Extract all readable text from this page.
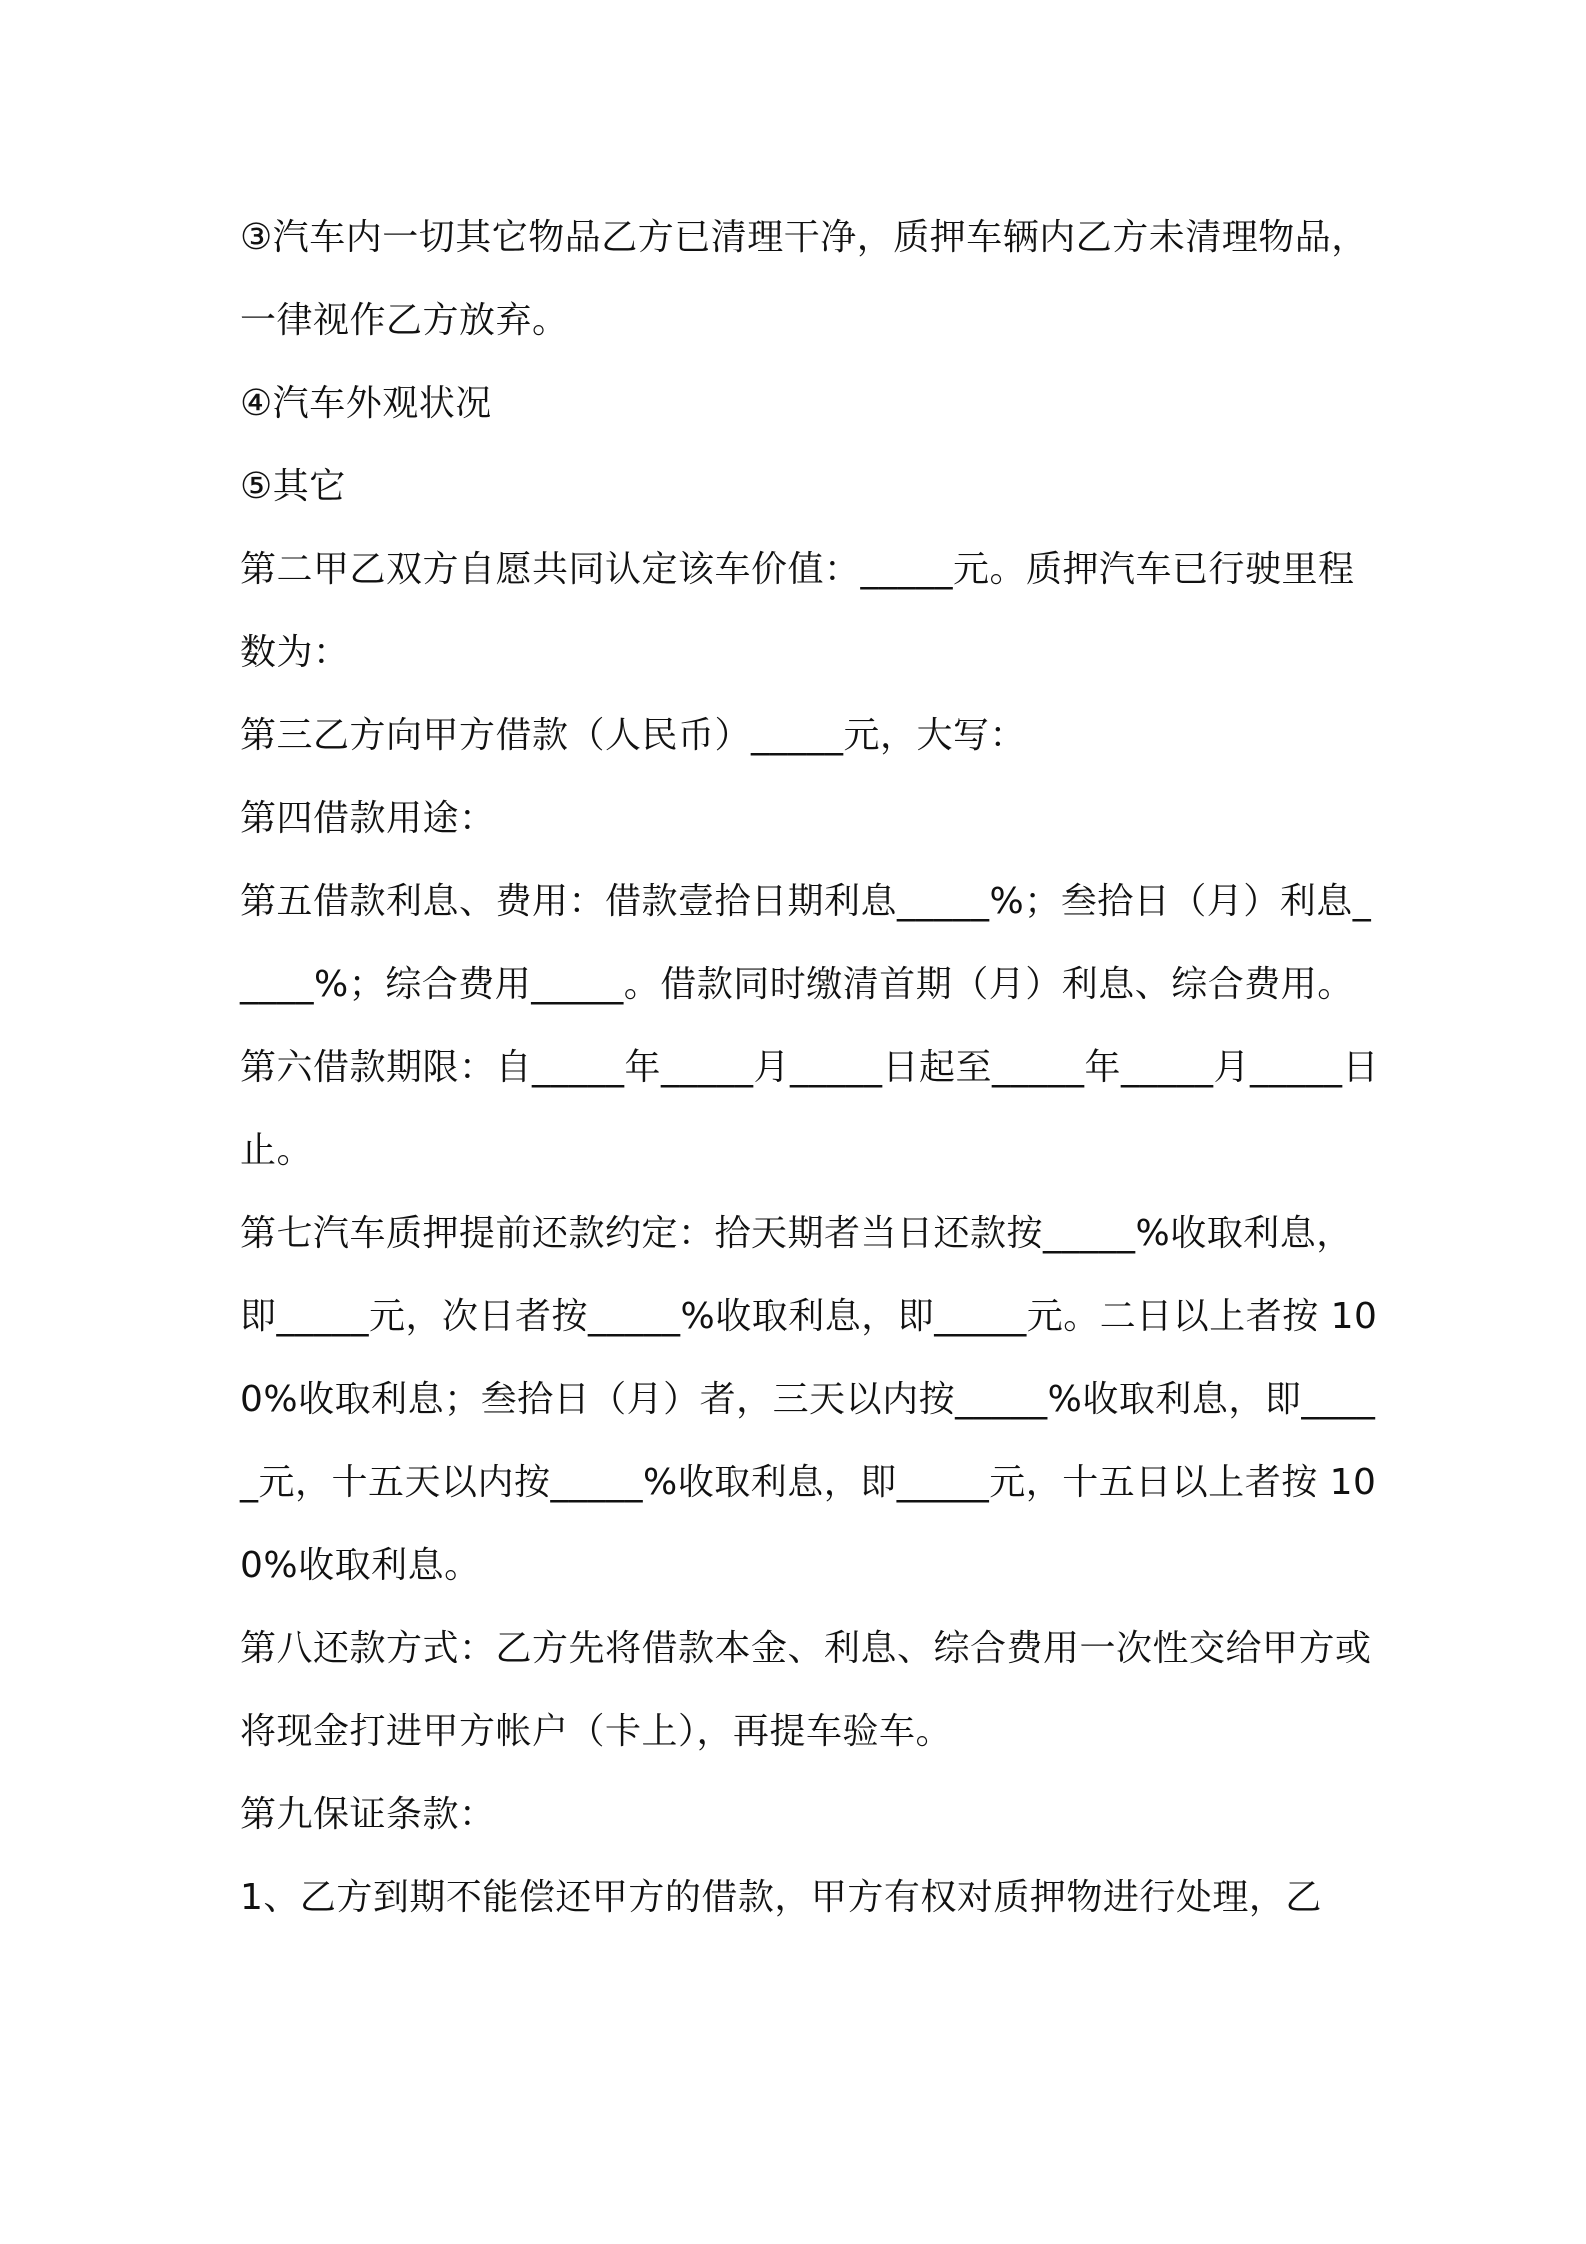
③汽车内一切其它物品乙方已清理干净，质押车辆内乙方未清理物品，一律视作乙方放弃。

④汽车外观状况

⑤其它

第二甲乙双方自愿共同认定该车价值：_____元。质押汽车已行驶里程数为：

第三乙方向甲方借款（人民币）_____元，大写：

第四借款用途：

第五借款利息、费用：借款壹拾日期利息_____%；叁拾日（月）利息_____%；综合费用_____。借款同时缴清首期（月）利息、综合费用。

第六借款期限：自_____年_____月_____日起至_____年_____月_____日止。

第七汽车质押提前还款约定：拾天期者当日还款按_____%收取利息，即_____元，次日者按_____%收取利息，即_____元。二日以上者按 100%收取利息；叁拾日（月）者，三天以内按_____%收取利息，即_____元，十五天以内按_____%收取利息，即_____元，十五日以上者按 100%收取利息。

第八还款方式：乙方先将借款本金、利息、综合费用一次性交给甲方或将现金打进甲方帐户（卡上），再提车验车。

第九保证条款：

1、乙方到期不能偿还甲方的借款，甲方有权对质押物进行处理，乙
